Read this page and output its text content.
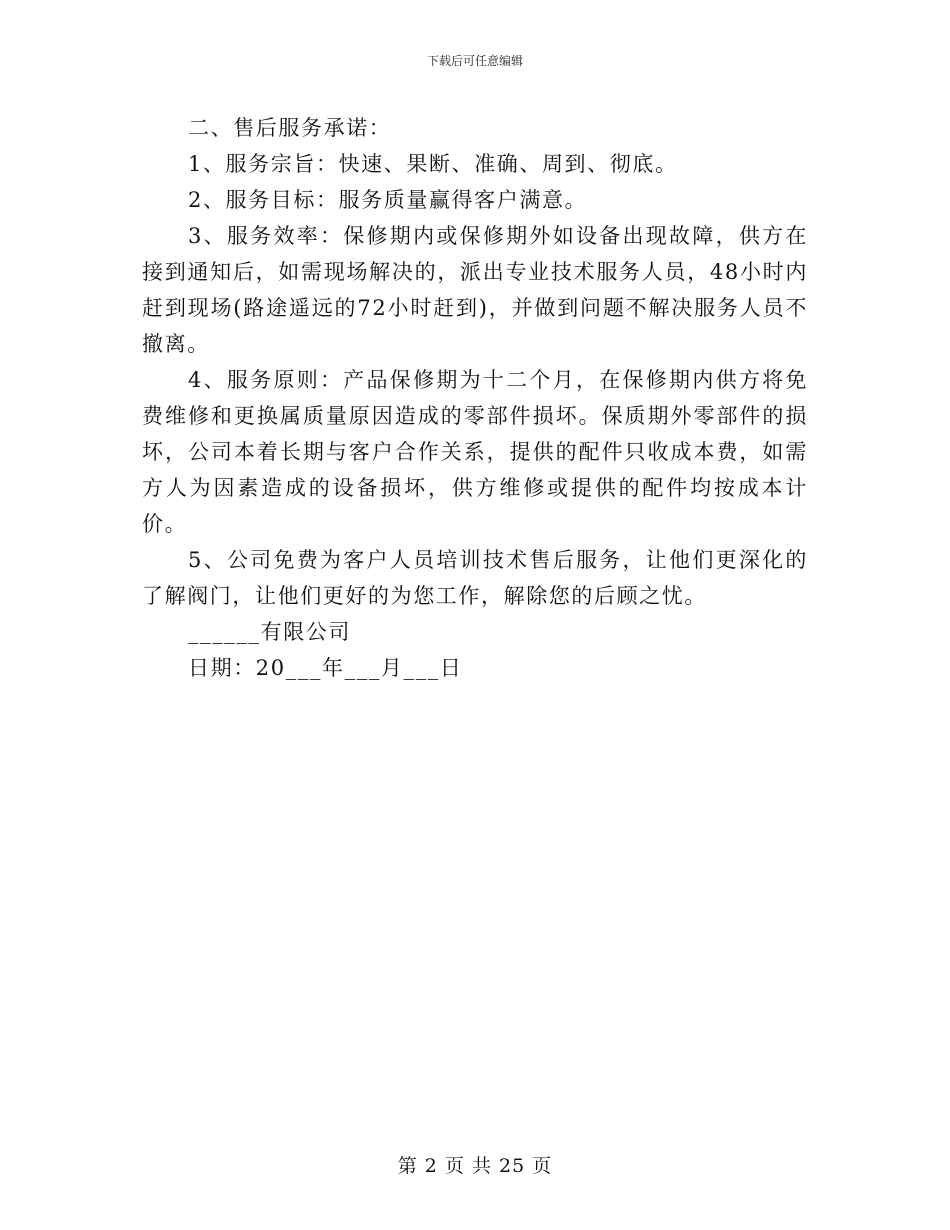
下载后可任意编辑

二、售后服务承诺：

1、服务宗旨：快速、果断、准确、周到、彻底。

2、服务目标：服务质量赢得客户满意。

3、服务效率：保修期内或保修期外如设备出现故障，供方在接到通知后，如需现场解决的，派出专业技术服务人员，48小时内赶到现场(路途遥远的72小时赶到)，并做到问题不解决服务人员不撤离。

4、服务原则：产品保修期为十二个月，在保修期内供方将免费维修和更换属质量原因造成的零部件损坏。保质期外零部件的损坏，公司本着长期与客户合作关系，提供的配件只收成本费，如需方人为因素造成的设备损坏，供方维修或提供的配件均按成本计价。

5、公司免费为客户人员培训技术售后服务，让他们更深化的了解阀门，让他们更好的为您工作，解除您的后顾之忧。

______有限公司

日期：20___年___月___日

第 2 页 共 25 页
